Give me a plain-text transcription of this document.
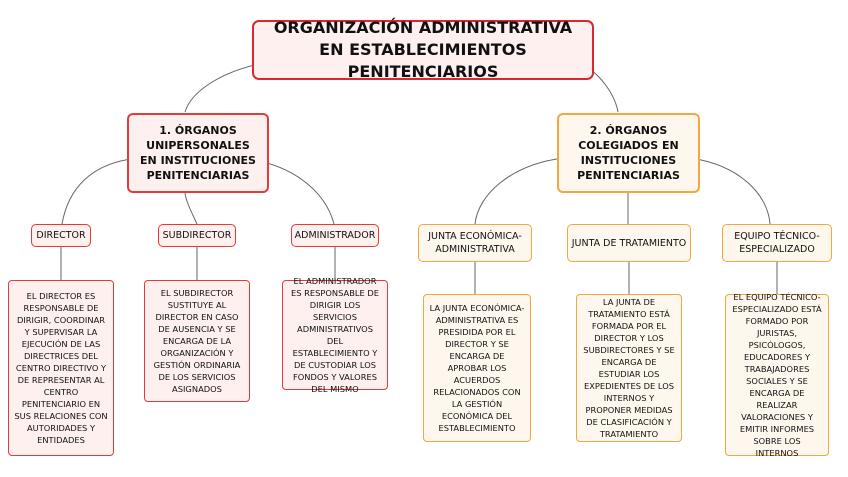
ORGANIZACIÓN ADMINISTRATIVA EN ESTABLECIMIENTOS PENITENCIARIOS
1. ÓRGANOS UNIPERSONALES EN INSTITUCIONES PENITENCIARIAS
2. ÓRGANOS COLEGIADOS EN INSTITUCIONES PENITENCIARIAS
DIRECTOR	SUBDIRECTOR	ADMINISTRADOR	JUNTA ECONÓMICA-ADMINISTRATIVA
JUNTA DE TRATAMIENTO
EQUIPO TÉCNICO-ESPECIALIZADO
EL DIRECTOR ES RESPONSABLE DE DIRIGIR, COORDINAR Y SUPERVISAR LA EJECUCIÓN DE LAS DIRECTRICES DEL CENTRO DIRECTIVO Y DE REPRESENTAR AL CENTRO PENITENCIARIO EN SUS RELACIONES CON AUTORIDADES Y ENTIDADES
EL SUBDIRECTOR SUSTITUYE AL DIRECTOR EN CASO DE AUSENCIA Y SE ENCARGA DE LA ORGANIZACIÓN Y GESTIÓN ORDINARIA DE LOS SERVICIOS ASIGNADOS
EL ADMINISTRADOR ES RESPONSABLE DE DIRIGIR LOS SERVICIOS ADMINISTRATIVOS DEL ESTABLECIMIENTO Y DE CUSTODIAR LOS FONDOS Y VALORES DEL MISMO
LA JUNTA ECONÓMICA-ADMINISTRATIVA ES PRESIDIDA POR EL DIRECTOR Y SE ENCARGA DE APROBAR LOS ACUERDOS RELACIONADOS CON LA GESTIÓN ECONÓMICA DEL ESTABLECIMIENTO
LA JUNTA DE TRATAMIENTO ESTÁ FORMADA POR EL DIRECTOR Y LOS SUBDIRECTORES Y SE ENCARGA DE ESTUDIAR LOS EXPEDIENTES DE LOS INTERNOS Y PROPONER MEDIDAS DE CLASIFICACIÓN Y TRATAMIENTO
EL EQUIPO TÉCNICO-ESPECIALIZADO ESTÁ FORMADO POR JURISTAS, PSICÓLOGOS, EDUCADORES Y TRABAJADORES SOCIALES Y SE ENCARGA DE REALIZAR VALORACIONES Y EMITIR INFORMES SOBRE LOS INTERNOS
